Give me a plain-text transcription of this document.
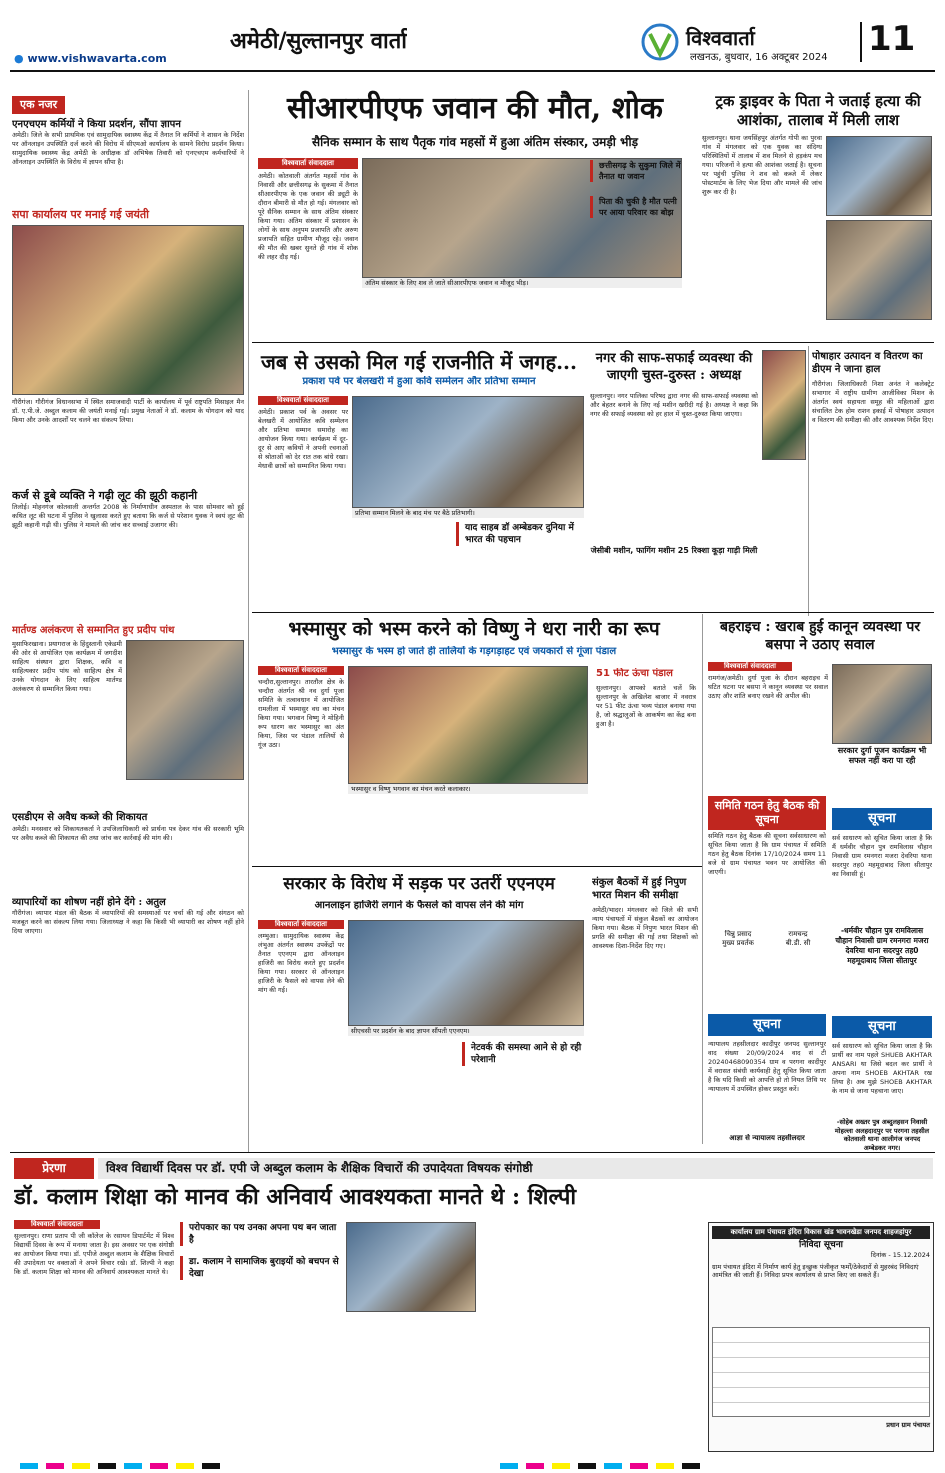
अमेठी/सुल्तानपुर वार्ता
● www.vishwavarta.com
विश्ववार्ता
लखनऊ, बुधवार, 16 अक्टूबर 2024 11
एक नजर
एनएचएम कर्मियों ने किया प्रदर्शन, सौंपा ज्ञापन
अमेठी। जिले के सभी प्राथमिक एवं सामुदायिक स्वास्थ्य केंद्र में तैनात नि कर्मियों ने शासन के निर्देश पर ऑनलाइन उपस्थिति दर्ज करने की विरोध में सीएमओ कार्यालय के सामने विरोध प्रदर्शन किया। सामुदायिक स्वास्थ्य केंद्र अमेठी के अधीक्षक डॉ अभिषेक तिवारी को एनएचएम कर्मचारियों ने ऑनलाइन उपस्थिति के विरोध में ज्ञापन सौंपा है।
सपा कार्यालय पर मनाई गई जयंती
गौरीगंज। गौरीगंज विधानसभा में स्थित समाजवादी पार्टी के कार्यालय में पूर्व राष्ट्रपति मिसाइल मैन डॉ. ए.पी.जे. अब्दुल कलाम की जयंती मनाई गई। प्रमुख नेताओं ने डॉ. कलाम के योगदान को याद किया और उनके आदर्शों पर चलने का संकल्प लिया।
कर्ज से डूबे व्यक्ति ने गढ़ी लूट की झूठी कहानी
तिलोई। मोहनगंज कोतवाली अन्तर्गत 2008 के निर्माणाधीन अस्पताल के पास सोमवार को हुई कथित लूट की घटना में पुलिस ने खुलासा करते हुए बताया कि कर्ज से परेशान युवक ने स्वयं लूट की झूठी कहानी गढ़ी थी। पुलिस ने मामले की जांच कर सच्चाई उजागर की।
मार्तण्ड अलंकरण से सम्मानित हुए प्रदीप पांथ
मुसाफिरखाना। प्रयागराज के हिंदुस्तानी एकेडमी की ओर से आयोजित एक कार्यक्रम में जगदीश साहित्य संस्थान द्वारा शिक्षक, कवि व साहित्यकार प्रदीप पांथ को साहित्य क्षेत्र में उनके योगदान के लिए साहित्य मार्तण्ड अलंकरण से सम्मानित किया गया।
एसडीएम से अवैध कब्जे की शिकायत
अमेठी। मनसवार को शिकायतकर्ता ने उपजिलाधिकारी को प्रार्थना पत्र देकर गांव की सरकारी भूमि पर अवैध कब्जे की शिकायत की तथा जांच कर कार्रवाई की मांग की।
व्यापारियों का शोषण नहीं होने देंगे : अतुल
गौरीगंज। व्यापार मंडल की बैठक में व्यापारियों की समस्याओं पर चर्चा की गई और संगठन को मजबूत करने का संकल्प लिया गया। जिलाध्यक्ष ने कहा कि किसी भी व्यापारी का शोषण नहीं होने दिया जाएगा।
सीआरपीएफ जवान की मौत, शोक
सैनिक सम्मान के साथ पैतृक गांव महसों में हुआ अंतिम संस्कार, उमड़ी भीड़
विश्ववार्ता संवाददाता
अमेठी। कोतवाली अंतर्गत महसों गांव के निवासी और छत्तीसगढ़ के सुकमा में तैनात सीआरपीएफ के एक जवान की ड्यूटी के दौरान बीमारी से मौत हो गई। मंगलवार को पूरे सैनिक सम्मान के साथ अंतिम संस्कार किया गया। अंतिम संस्कार में प्रशासन के लोगों के साथ अनुपम प्रजापति और अरुण प्रजापति सहित ग्रामीण मौजूद रहे। जवान की मौत की खबर सुनते ही गांव में शोक की लहर दौड़ गई।
अंतिम संस्कार के लिए शव ले जाते सीआरपीएफ जवान व मौजूद भीड़।
छत्तीसगढ़ के सुकुमा जिले में तैनात था जवान
पिता की चुकी है मौत पत्नी पर आया परिवार का बोझ
ट्रक ड्राइवर के पिता ने जताई हत्या की आशंका, तालाब में मिली लाश
सुल्तानपुर। थाना जयसिंहपुर अंतर्गत गोपी का पुरवा गांव में मंगलवार को एक युवक का संदिग्ध परिस्थितियों में तालाब में शव मिलने से हड़कंप मच गया। परिजनों ने हत्या की आशंका जताई है। सूचना पर पहुंची पुलिस ने शव को कब्जे में लेकर पोस्टमार्टम के लिए भेज दिया और मामले की जांच शुरू कर दी है।
जब से उसको मिल गई राजनीति में जगह...
प्रकाश पर्व पर बेलखरी में हुआ कवि सम्मेलन और प्रतिभा सम्मान
विश्ववार्ता संवाददाता
अमेठी। प्रकाश पर्व के अवसर पर बेलखरी में आयोजित कवि सम्मेलन और प्रतिभा सम्मान समारोह का आयोजन किया गया। कार्यक्रम में दूर-दूर से आए कवियों ने अपनी रचनाओं से श्रोताओं को देर रात तक बांधे रखा। मेधावी छात्रों को सम्मानित किया गया।
प्रतिभा सम्मान मिलने के बाद मंच पर बैठे प्रतिभागी।
याद साहब डॉ अम्बेडकर दुनिया में भारत की पहचान
नगर की साफ-सफाई व्यवस्था की जाएगी चुस्त-दुरुस्त : अध्यक्ष
सुल्तानपुर। नगर पालिका परिषद द्वारा नगर की साफ-सफाई व्यवस्था को और बेहतर बनाने के लिए नई मशीन खरीदी गई है। अध्यक्ष ने कहा कि नगर की सफाई व्यवस्था को हर हाल में चुस्त-दुरुस्त किया जाएगा।
जेसीबी मशीन, फागिंग मशीन 25 रिक्शा कूड़ा गाड़ी मिली
पोषाहार उत्पादन व वितरण का डीएम ने जाना हाल
गौरीगंज। जिलाधिकारी निशा अनंत ने कलेक्ट्रेट सभागार में राष्ट्रीय ग्रामीण आजीविका मिशन के अंतर्गत स्वयं सहायता समूह की महिलाओं द्वारा संचालित टेक होम राशन इकाई में पोषाहार उत्पादन व वितरण की समीक्षा की और आवश्यक निर्देश दिए।
भस्मासुर को भस्म करने को विष्णु ने धरा नारी का रूप
भस्मासुर के भस्म हो जाते ही तालियों के गड़गड़ाहट एवं जयकारों से गूंजा पंडाल
विश्ववार्ता संवाददाता
चन्दौरा,सुल्तानपुर। तारतौल क्षेत्र के चन्दौरा अंतर्गत श्री नव दुर्गा पूजा समिति के तत्वावधान में आयोजित रामलीला में भस्मासुर वध का मंचन किया गया। भगवान विष्णु ने मोहिनी रूप धारण कर भस्मासुर का अंत किया, जिस पर पंडाल तालियों से गूंज उठा।
भस्मासुर व विष्णु भगवान का मंचन करते कलाकार।
51 फीट ऊंचा पंडाल
सुल्तानपुर। आपको बताते चलें कि सुल्तानपुर के अखिलेश बाजार में नवरात्र पर 51 फीट ऊंचा भव्य पंडाल बनाया गया है, जो श्रद्धालुओं के आकर्षण का केंद्र बना हुआ है।
बहराइच : खराब हुई कानून व्यवस्था पर बसपा ने उठाए सवाल
विश्ववार्ता संवाददाता
रामगंज/अमेठी। दुर्गा पूजा के दौरान बहराइच में घटित घटना पर बसपा ने कानून व्यवस्था पर सवाल उठाए और शांति बनाए रखने की अपील की।
सरकार दुर्गा पूजन कार्यक्रम भी सफल नहीं करा पा रही
सूचना
सर्व साधारण को सूचित किया जाता है कि मैं धर्मवीर चौहान पुत्र रामविलास चौहान निवासी ग्राम रमनगरा मजरा देवरिया थाना सदरपुर तह0 महमूदाबाद जिला सीतापुर का निवासी हूं।
-धर्मवीर चौहान पुत्र रामविलास चौहान निवासी ग्राम रमनगरा मजरा देवरिया थाना सदरपुर तह0 महमूदाबाद जिला सीतापुर
समिति गठन हेतु बैठक की सूचना
समिति गठन हेतु बैठक की सूचना सर्वसाधारण को सूचित किया जाता है कि ग्राम पंचायत में समिति गठन हेतु बैठक दिनांक 17/10/2024 समय 11 बजे से ग्राम पंचायत भवन पर आयोजित की जाएगी।
चिन्नु प्रसाद
मुख्य प्रवर्तक
रामचन्द्र
बी.डी. सी
सरकार के विरोध में सड़क पर उतरीं एएनएम
आनलाइन हाजिरी लगाने के फैसले को वापस लेने की मांग
विश्ववार्ता संवाददाता
लम्भुआ। सामुदायिक स्वास्थ्य केंद्र लंभुआ अंतर्गत स्वास्थ्य उपकेंद्रों पर तैनात एएनएम द्वारा ऑनलाइन हाजिरी का विरोध करते हुए प्रदर्शन किया गया। सरकार से ऑनलाइन हाजिरी के फैसले को वापस लेने की मांग की गई।
सीएचसी पर प्रदर्शन के बाद ज्ञापन सौंपती एएनएम।
नेटवर्क की समस्या आने से हो रही परेशानी
संकुल बैठकों में हुई निपुण भारत मिशन की समीक्षा
अमेठी/भादर। मंगलवार को जिले की सभी न्याय पंचायतों में संकुल बैठकों का आयोजन किया गया। बैठक में निपुण भारत मिशन की प्रगति की समीक्षा की गई तथा शिक्षकों को आवश्यक दिशा-निर्देश दिए गए।
सूचना
न्यायालय तहसीलदार कादीपुर जनपद सुल्तानपुर वाद संख्या 20/09/2024 वाद सं टी 20240468090354 ग्राम व परगना कादीपुर में वरासत संबंधी कार्यवाही हेतु सूचित किया जाता है कि यदि किसी को आपत्ति हो तो नियत तिथि पर न्यायालय में उपस्थित होकर प्रस्तुत करें।
आज्ञा से न्यायालय तहसीलदार
सूचना
सर्व साधारण को सूचित किया जाता है कि प्रार्थी का नाम पहले SHUEB AKHTAR ANSARI था जिसे बदल कर प्रार्थी ने अपना नाम SHOEB AKHTAR रख लिया है। अब मुझे SHOEB AKHTAR के नाम से जाना पहचाना जाए।
-सोहेब अख्तर पुत्र अब्दुलहसन निवासी मोहल्ला अलहदादपुर पर परगना तहसील कोतवाली थाना आलीगंज जनपद अम्बेडकर नगर।
प्रेरणा	विश्व विद्यार्थी दिवस पर डॉ. एपी जे अब्दुल कलाम के शैक्षिक विचारों की उपादेयता विषयक संगोष्ठी
डॉ. कलाम शिक्षा को मानव की अनिवार्य आवश्यकता मानते थे : शिल्पी
विश्ववार्ता संवाददाता
सुल्तानपुर। राणा प्रताप पी जी कॉलेज के रसायन डिपार्टमेंट में विश्व विद्यार्थी दिवस के रूप में मनाया जाता है। इस अवसर पर एक संगोष्ठी का आयोजन किया गया। डॉ. एपीजे अब्दुल कलाम के शैक्षिक विचारों की उपादेयता पर वक्ताओं ने अपने विचार रखे। डॉ. शिल्पी ने कहा कि डॉ. कलाम शिक्षा को मानव की अनिवार्य आवश्यकता मानते थे।
परोपकार का पथ उनका अपना पथ बन जाता है
डा. कलाम ने सामाजिक बुराइयों को बचपन से देखा
कार्यालय ग्राम पंचायत इंदिरा विकास खंड भावनखेडा जनपद शाहजहांपुर
निविदा सूचना
दिनांक - 15.12.2024
ग्राम पंचायत इंदिरा में निर्माण कार्य हेतु इच्छुक पंजीकृत फर्मों/ठेकेदारों से मुहरबंद निविदाएं आमंत्रित की जाती हैं। निविदा प्रपत्र कार्यालय से प्राप्त किए जा सकते हैं।
प्रधान ग्राम पंचायत
